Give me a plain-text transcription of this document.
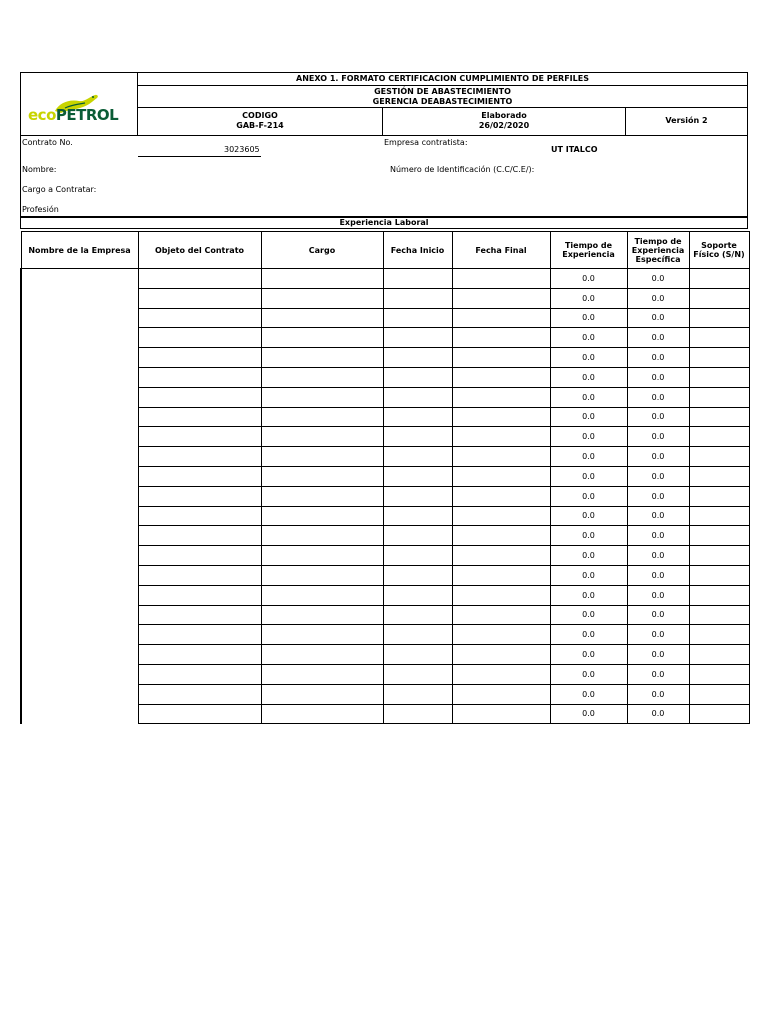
ecoPETROL
ANEXO 1. FORMATO CERTIFICACION CUMPLIMIENTO DE PERFILES
GESTIÓN DE ABASTECIMIENTO
GERENCIA DEABASTECIMIENTO
CODIGO
GAB-F-214
Elaborado
26/02/2020
Versión 2
Contrato No.
3023605
Empresa contratista:
UT ITALCO
Nombre:	Número de Identificación (C.C/C.E/):
Cargo a Contratar:
Profesión
Experiencia Laboral
Nombre de la Empresa	Objeto del Contrato	Cargo	Fecha Inicio	Fecha Final	Tiempo de Experiencia	Tiempo de Experiencia Específica	Soporte Físico (S/N)
					0.0	0.0	
					0.0	0.0	
					0.0	0.0	
					0.0	0.0	
					0.0	0.0	
					0.0	0.0	
					0.0	0.0	
					0.0	0.0	
					0.0	0.0	
					0.0	0.0	
					0.0	0.0	
					0.0	0.0	
					0.0	0.0	
					0.0	0.0	
					0.0	0.0	
					0.0	0.0	
					0.0	0.0	
					0.0	0.0	
					0.0	0.0	
					0.0	0.0	
					0.0	0.0	
					0.0	0.0	
					0.0	0.0	
